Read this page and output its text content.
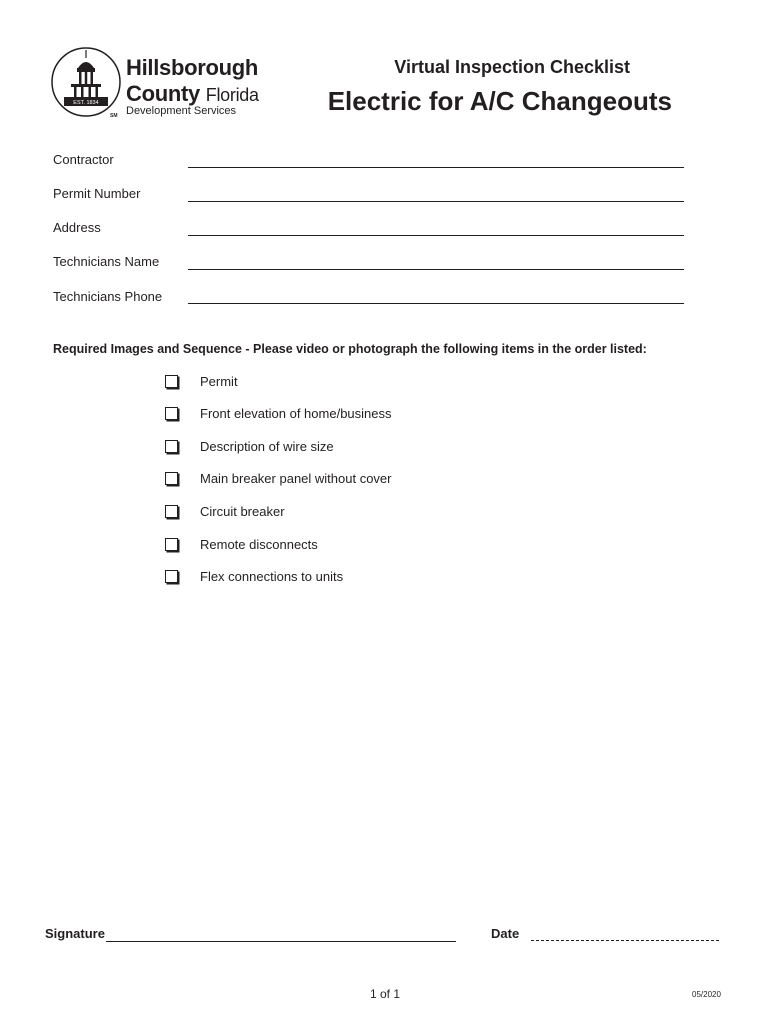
EST. 1834
Hillsborough
County Florida
Development Services
SM
Virtual Inspection Checklist
Electric for A/C Changeouts
Contractor
Permit Number
Address
Technicians Name
Technicians Phone
Required Images and Sequence - Please video or photograph the following items in the order listed:
Permit
Front elevation of home/business
Description of wire size
Main breaker panel without cover
Circuit breaker
Remote disconnects
Flex connections to units
Signature	Date
1 of 1	05/2020
